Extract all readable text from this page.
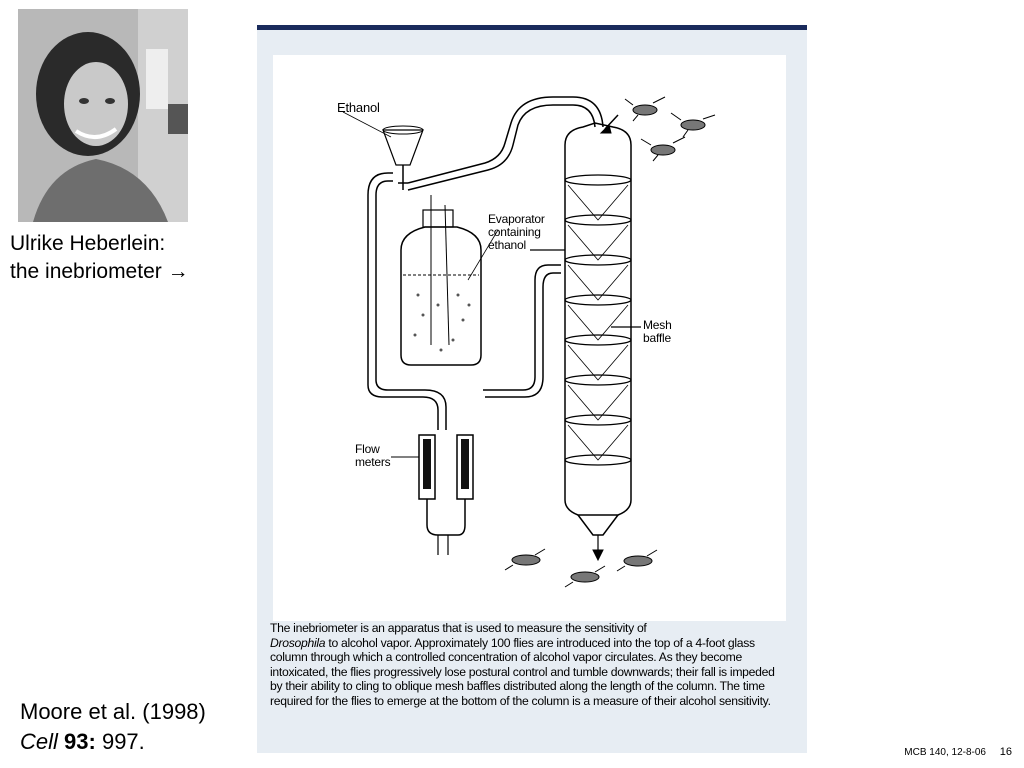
Ulrike Heberlein:
the inebriometer →
Moore et al. (1998)
Cell 93: 997.
Ethanol
Evaporator
containing
ethanol
Mesh
baffle
Flow
meters
The inebriometer is an apparatus that is used to measure the sensitivity of
Drosophila to alcohol vapor. Approximately 100 flies are introduced into the top of a 4-foot glass column through which a controlled concentration of alcohol vapor circulates. As they become intoxicated, the flies progressively lose postural control and tumble downwards; their fall is impeded by their ability to cling to oblique mesh baffles distributed along the length of the column. The time required for the flies to emerge at the bottom of the column is a measure of their alcohol sensitivity.
MCB 140, 12-8-06 16
